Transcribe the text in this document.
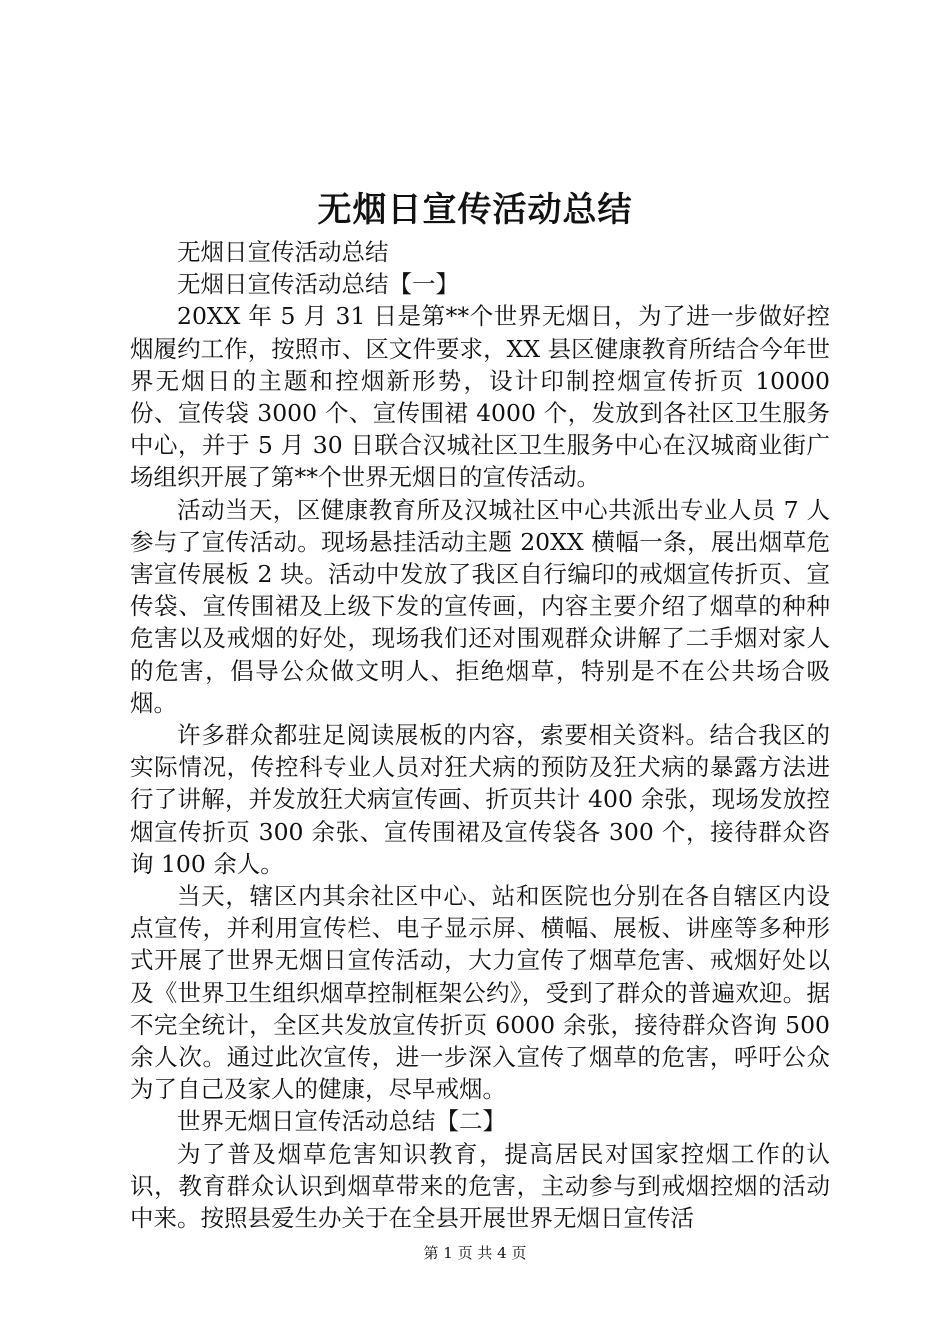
无烟日宣传活动总结

无烟日宣传活动总结

无烟日宣传活动总结【一】

20XX 年 5 月 31 日是第**个世界无烟日，为了进一步做好控烟履约工作，按照市、区文件要求，XX 县区健康教育所结合今年世界无烟日的主题和控烟新形势，设计印制控烟宣传折页 10000 份、宣传袋 3000 个、宣传围裙 4000 个，发放到各社区卫生服务中心，并于 5 月 30 日联合汉城社区卫生服务中心在汉城商业街广场组织开展了第**个世界无烟日的宣传活动。

活动当天，区健康教育所及汉城社区中心共派出专业人员 7 人参与了宣传活动。现场悬挂活动主题 20XX 横幅一条，展出烟草危害宣传展板 2 块。活动中发放了我区自行编印的戒烟宣传折页、宣传袋、宣传围裙及上级下发的宣传画，内容主要介绍了烟草的种种危害以及戒烟的好处，现场我们还对围观群众讲解了二手烟对家人的危害，倡导公众做文明人、拒绝烟草，特别是不在公共场合吸烟。

许多群众都驻足阅读展板的内容，索要相关资料。结合我区的实际情况，传控科专业人员对狂犬病的预防及狂犬病的暴露方法进行了讲解，并发放狂犬病宣传画、折页共计 400 余张，现场发放控烟宣传折页 300 余张、宣传围裙及宣传袋各 300 个，接待群众咨询 100 余人。

当天，辖区内其余社区中心、站和医院也分别在各自辖区内设点宣传，并利用宣传栏、电子显示屏、横幅、展板、讲座等多种形式开展了世界无烟日宣传活动，大力宣传了烟草危害、戒烟好处以及《世界卫生组织烟草控制框架公约》，受到了群众的普遍欢迎。据不完全统计，全区共发放宣传折页 6000 余张，接待群众咨询 500 余人次。通过此次宣传，进一步深入宣传了烟草的危害，呼吁公众为了自己及家人的健康，尽早戒烟。

世界无烟日宣传活动总结【二】

为了普及烟草危害知识教育，提高居民对国家控烟工作的认识，教育群众认识到烟草带来的危害，主动参与到戒烟控烟的活动中来。按照县爱生办关于在全县开展世界无烟日宣传活

第 1 页 共 4 页
